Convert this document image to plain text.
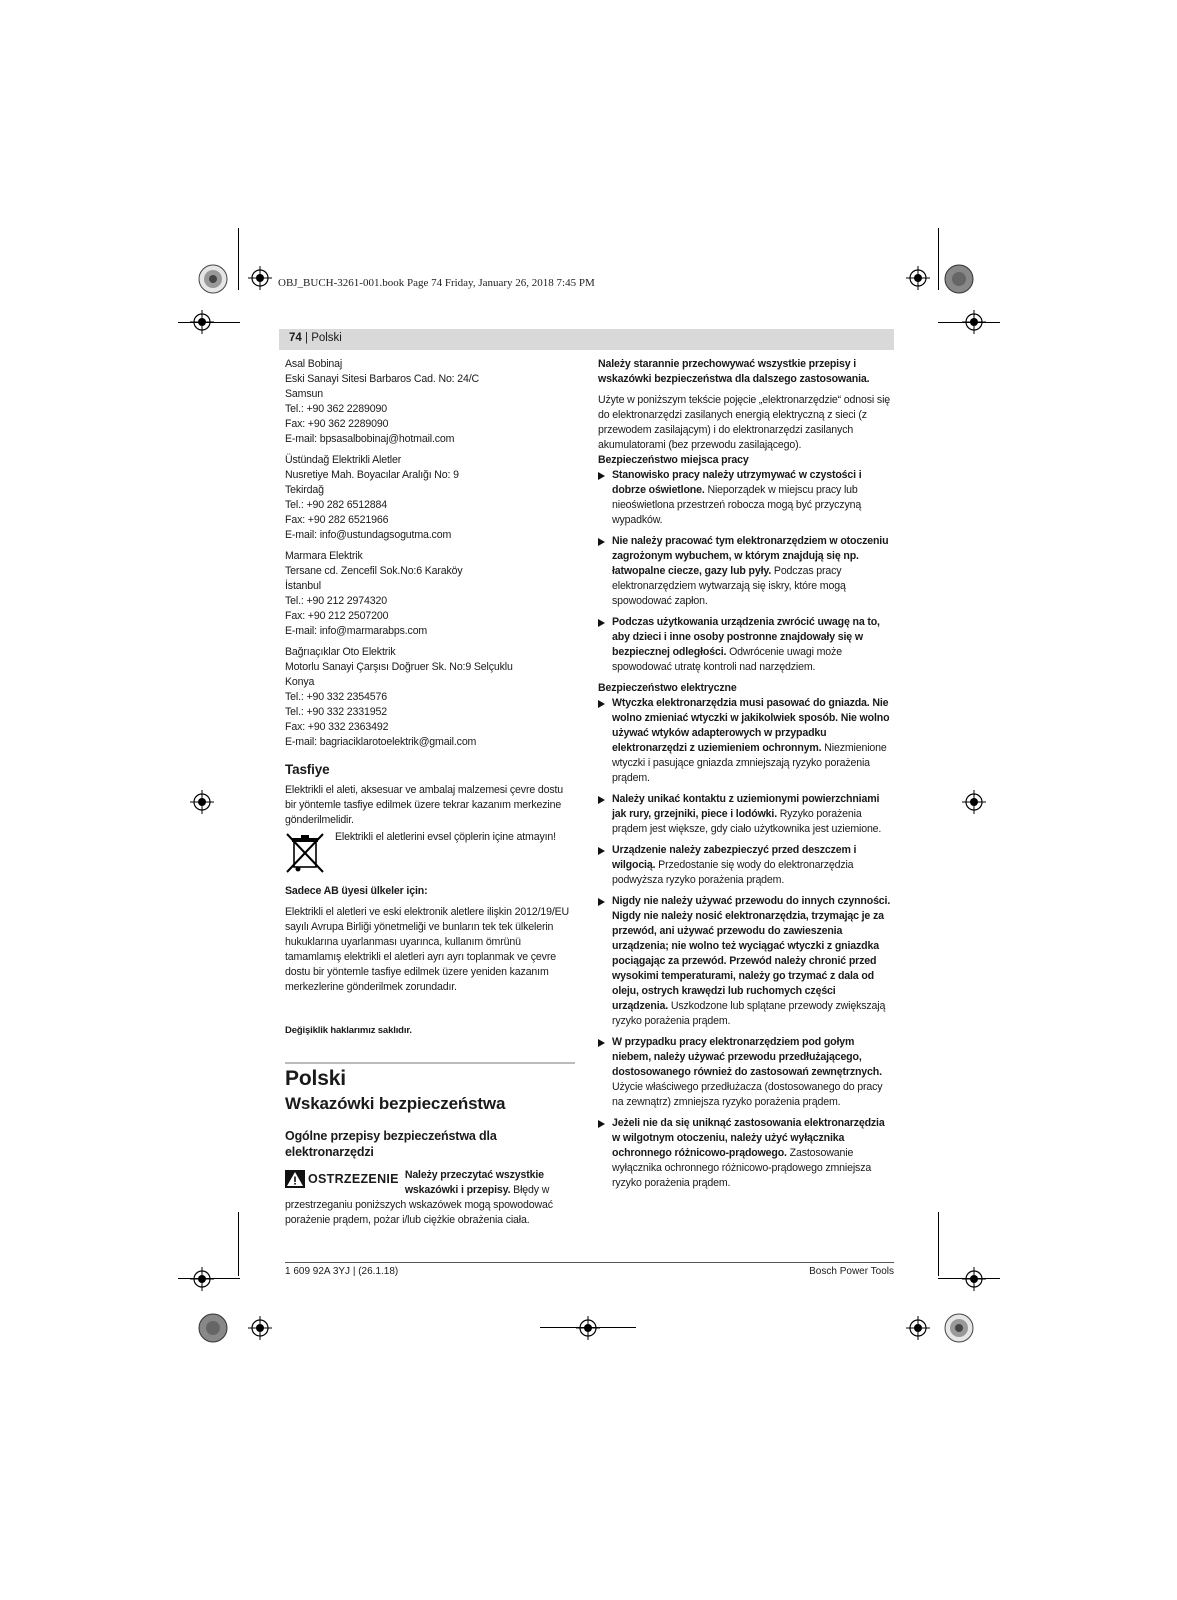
OBJ_BUCH-3261-001.book Page 74 Friday, January 26, 2018 7:45 PM
74 | Polski
Asal Bobinaj
Eski Sanayi Sitesi Barbaros Cad. No: 24/C
Samsun
Tel.: +90 362 2289090
Fax: +90 362 2289090
E-mail: bpsasalbobinaj@hotmail.com
Üstündağ Elektrikli Aletler
Nusretiye Mah. Boyacılar Aralığı No: 9
Tekirdağ
Tel.: +90 282 6512884
Fax: +90 282 6521966
E-mail: info@ustundagsogutma.com
Marmara Elektrik
Tersane cd. Zencefil Sok.No:6 Karaköy
İstanbul
Tel.: +90 212 2974320
Fax: +90 212 2507200
E-mail: info@marmarabps.com
Bağrıaçıklar Oto Elektrik
Motorlu Sanayi Çarşısı Doğruer Sk. No:9 Selçuklu
Konya
Tel.: +90 332 2354576
Tel.: +90 332 2331952
Fax: +90 332 2363492
E-mail: bagriaciklarotoelektrik@gmail.com
Tasfiye

Elektrikli el aleti, aksesuar ve ambalaj malzemesi çevre dostu bir yöntemle tasfiye edilmek üzere tekrar kazanım merkezine gönderilmelidir.

Elektrikli el aletlerini evsel çöplerin içine atmayın!

Sadece AB üyesi ülkeler için:

Elektrikli el aletleri ve eski elektronik aletlere ilişkin 2012/19/EU sayılı Avrupa Birliği yönetmeliği ve bunların tek tek ülkelerin hukuklarına uyarlanması uyarınca, kullanım ömrünü tamamlamış elektrikli el aletleri ayrı ayrı toplanmak ve çevre dostu bir yöntemle tasfiye edilmek üzere yeniden kazanım merkezlerine gönderilmek zorundadır.

Değişiklik haklarımız saklıdır.

Polski
Wskazówki bezpieczeństwa
Ogólne przepisy bezpieczeństwa dla elektronarzędzi
OSTRZEZENIE Należy przeczytać wszystkie wskazówki i przepisy. Błędy w przestrzeganiu poniższych wskazówek mogą spowodować porażenie prądem, pożar i/lub ciężkie obrażenia ciała.

Należy starannie przechowywać wszystkie przepisy i wskazówki bezpieczeństwa dla dalszego zastosowania.

Użyte w poniższym tekście pojęcie „elektronarzędzie“ odnosi się do elektronarzędzi zasilanych energią elektryczną z sieci (z przewodem zasilającym) i do elektronarzędzi zasilanych akumulatorami (bez przewodu zasilającego).

Bezpieczeństwo miejsca pracy

Stanowisko pracy należy utrzymywać w czystości i dobrze oświetlone. Nieporządek w miejscu pracy lub nieoświetlona przestrzeń robocza mogą być przyczyną wypadków.
Nie należy pracować tym elektronarzędziem w otoczeniu zagrożonym wybuchem, w którym znajdują się np. łatwopalne ciecze, gazy lub pyły. Podczas pracy elektronarzędziem wytwarzają się iskry, które mogą spowodować zapłon.
Podczas użytkowania urządzenia zwrócić uwagę na to, aby dzieci i inne osoby postronne znajdowały się w bezpiecznej odległości. Odwrócenie uwagi może spowodować utratę kontroli nad narzędziem.

Bezpieczeństwo elektryczne

Wtyczka elektronarzędzia musi pasować do gniazda. Nie wolno zmieniać wtyczki w jakikolwiek sposób. Nie wolno używać wtyków adapterowych w przypadku elektronarzędzi z uziemieniem ochronnym. Niezmienione wtyczki i pasujące gniazda zmniejszają ryzyko porażenia prądem.
Należy unikać kontaktu z uziemionymi powierzchniami jak rury, grzejniki, piece i lodówki. Ryzyko porażenia prądem jest większe, gdy ciało użytkownika jest uziemione.
Urządzenie należy zabezpieczyć przed deszczem i wilgocią. Przedostanie się wody do elektronarzędzia podwyższa ryzyko porażenia prądem.
Nigdy nie należy używać przewodu do innych czynności. Nigdy nie należy nosić elektronarzędzia, trzymając je za przewód, ani używać przewodu do zawieszenia urządzenia; nie wolno też wyciągać wtyczki z gniazdka pociągając za przewód. Przewód należy chronić przed wysokimi temperaturami, należy go trzymać z dala od oleju, ostrych krawędzi lub ruchomych części urządzenia. Uszkodzone lub splątane przewody zwiększają ryzyko porażenia prądem.
W przypadku pracy elektronarzędziem pod gołym niebem, należy używać przewodu przedłużającego, dostosowanego również do zastosowań zewnętrznych. Użycie właściwego przedłużacza (dostosowanego do pracy na zewnątrz) zmniejsza ryzyko porażenia prądem.
Jeżeli nie da się uniknąć zastosowania elektronarzędzia w wilgotnym otoczeniu, należy użyć wyłącznika ochronnego różnicowo-prądowego. Zastosowanie wyłącznika ochronnego różnicowo-prądowego zmniejsza ryzyko porażenia prądem.
1 609 92A 3YJ | (26.1.18)	Bosch Power Tools
